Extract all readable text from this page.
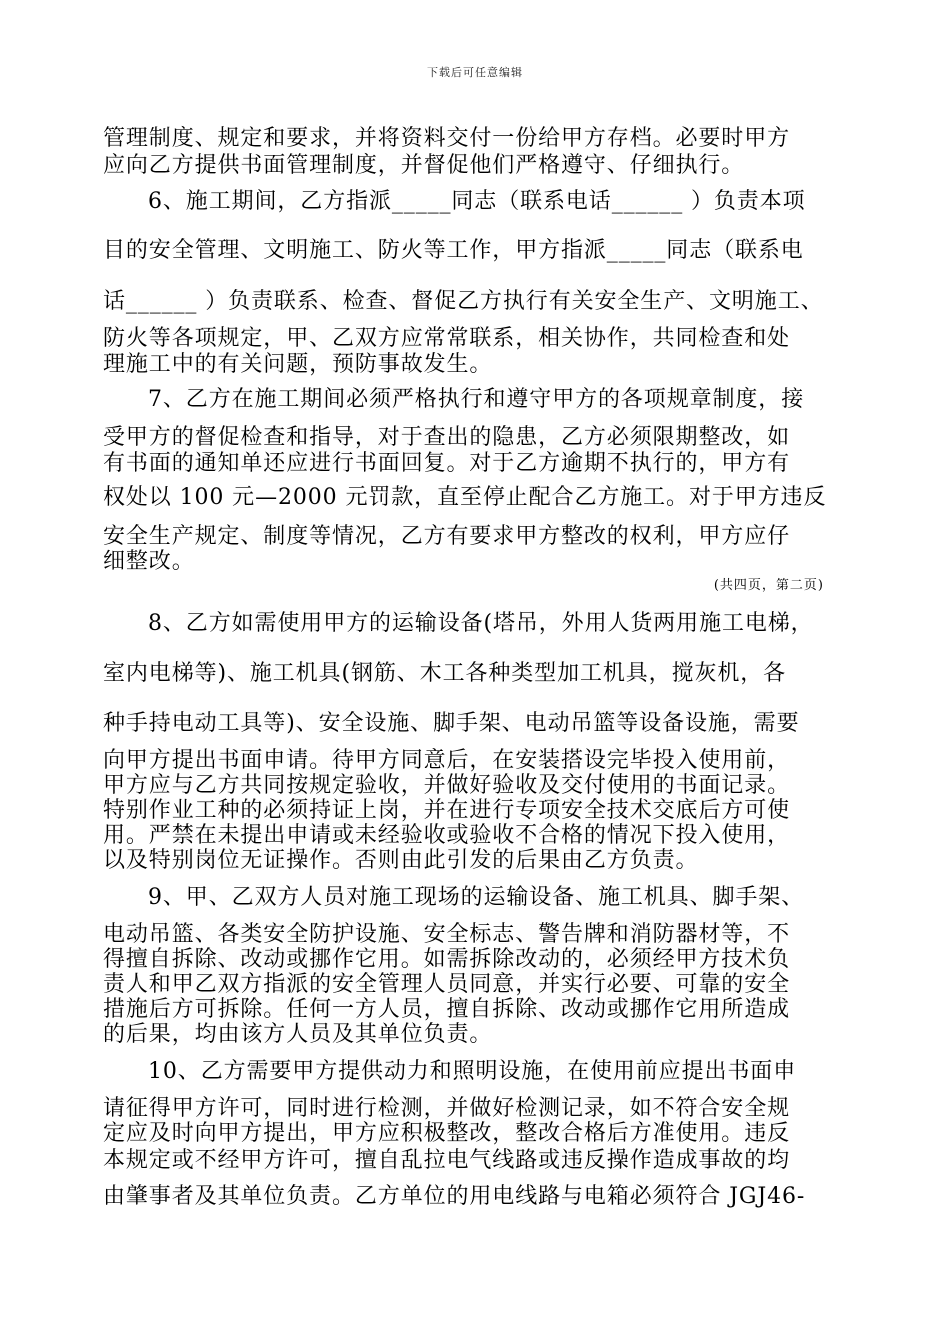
下载后可任意编辑
管理制度、规定和要求，并将资料交付一份给甲方存档。必要时甲方
应向乙方提供书面管理制度，并督促他们严格遵守、仔细执行。
6、施工期间，乙方指派_____同志（联系电话______ ）负责本项
目的安全管理、文明施工、防火等工作，甲方指派_____同志（联系电
话______ ）负责联系、检查、督促乙方执行有关安全生产、文明施工、
防火等各项规定，甲、乙双方应常常联系，相关协作，共同检查和处
理施工中的有关问题，预防事故发生。
7、乙方在施工期间必须严格执行和遵守甲方的各项规章制度，接
受甲方的督促检查和指导，对于查出的隐患，乙方必须限期整改，如
有书面的通知单还应进行书面回复。对于乙方逾期不执行的，甲方有
权处以 100 元—2000 元罚款，直至停止配合乙方施工。对于甲方违反
安全生产规定、制度等情况，乙方有要求甲方整改的权利，甲方应仔
细整改。
(共四页，第二页)
8、乙方如需使用甲方的运输设备(塔吊，外用人货两用施工电梯，
室内电梯等)、施工机具(钢筋、木工各种类型加工机具，搅灰机，各
种手持电动工具等)、安全设施、脚手架、电动吊篮等设备设施，需要
向甲方提出书面申请。待甲方同意后，在安装搭设完毕投入使用前，
甲方应与乙方共同按规定验收，并做好验收及交付使用的书面记录。
特别作业工种的必须持证上岗，并在进行专项安全技术交底后方可使
用。严禁在未提出申请或未经验收或验收不合格的情况下投入使用，
以及特别岗位无证操作。否则由此引发的后果由乙方负责。
9、甲、乙双方人员对施工现场的运输设备、施工机具、脚手架、
电动吊篮、各类安全防护设施、安全标志、警告牌和消防器材等，不
得擅自拆除、改动或挪作它用。如需拆除改动的，必须经甲方技术负
责人和甲乙双方指派的安全管理人员同意，并实行必要、可靠的安全
措施后方可拆除。任何一方人员，擅自拆除、改动或挪作它用所造成
的后果，均由该方人员及其单位负责。
10、乙方需要甲方提供动力和照明设施，在使用前应提出书面申
请征得甲方许可，同时进行检测，并做好检测记录，如不符合安全规
定应及时向甲方提出，甲方应积极整改，整改合格后方准使用。违反
本规定或不经甲方许可，擅自乱拉电气线路或违反操作造成事故的均
由肇事者及其单位负责。乙方单位的用电线路与电箱必须符合 JGJ46-
